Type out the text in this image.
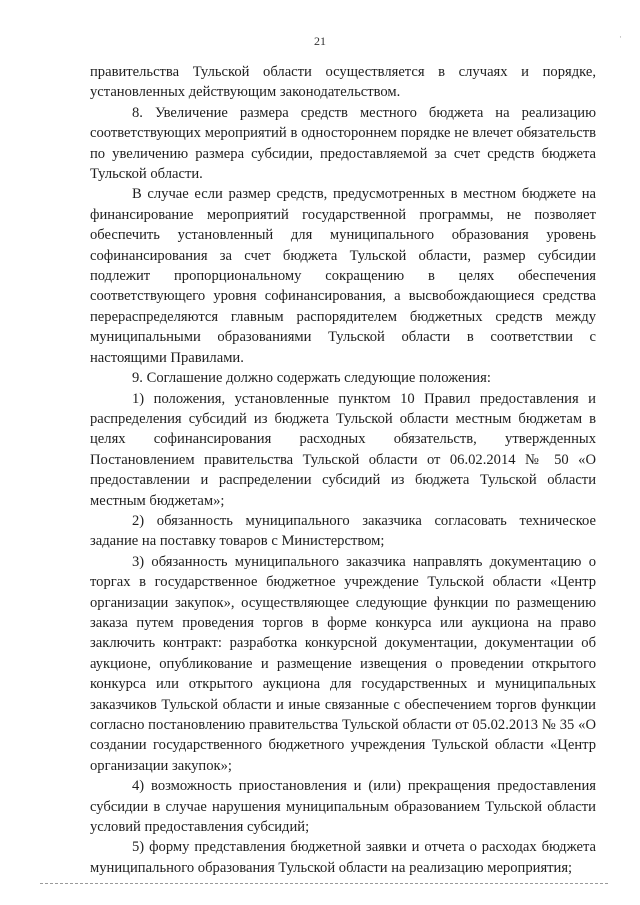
21	·

правительства Тульской области осуществляется в случаях и порядке, установленных действующим законодательством.

8. Увеличение размера средств местного бюджета на реализацию соответствующих мероприятий в одностороннем порядке не влечет обязательств по увеличению размера субсидии, предоставляемой за счет средств бюджета Тульской области.

В случае если размер средств, предусмотренных в местном бюджете на финансирование мероприятий государственной программы, не позволяет обеспечить установленный для муниципального образования уровень софинансирования за счет бюджета Тульской области, размер субсидии подлежит пропорциональному сокращению в целях обеспечения соответствующего уровня софинансирования, а высвобождающиеся средства перераспределяются главным распорядителем бюджетных средств между муниципальными образованиями Тульской области в соответствии с настоящими Правилами.

9. Соглашение должно содержать следующие положения:

1) положения, установленные пунктом 10 Правил предоставления и распределения субсидий из бюджета Тульской области местным бюджетам в целях софинансирования расходных обязательств, утвержденных Постановлением правительства Тульской области от 06.02.2014 № 50 «О предоставлении и распределении субсидий из бюджета Тульской области местным бюджетам»;

2) обязанность муниципального заказчика согласовать техническое задание на поставку товаров с Министерством;

3) обязанность муниципального заказчика направлять документацию о торгах в государственное бюджетное учреждение Тульской области «Центр организации закупок», осуществляющее следующие функции по размещению заказа путем проведения торгов в форме конкурса или аукциона на право заключить контракт: разработка конкурсной документации, документации об аукционе, опубликование и размещение извещения о проведении открытого конкурса или открытого аукциона для государственных и муниципальных заказчиков Тульской области и иные связанные с обеспечением торгов функции согласно постановлению правительства Тульской области от 05.02.2013 № 35 «О создании государственного бюджетного учреждения Тульской области «Центр организации закупок»;

4) возможность приостановления и (или) прекращения предоставления субсидии в случае нарушения муниципальным образованием Тульской области условий предоставления субсидий;

5) форму представления бюджетной заявки и отчета о расходах бюджета муниципального образования Тульской области на реализацию мероприятия;
